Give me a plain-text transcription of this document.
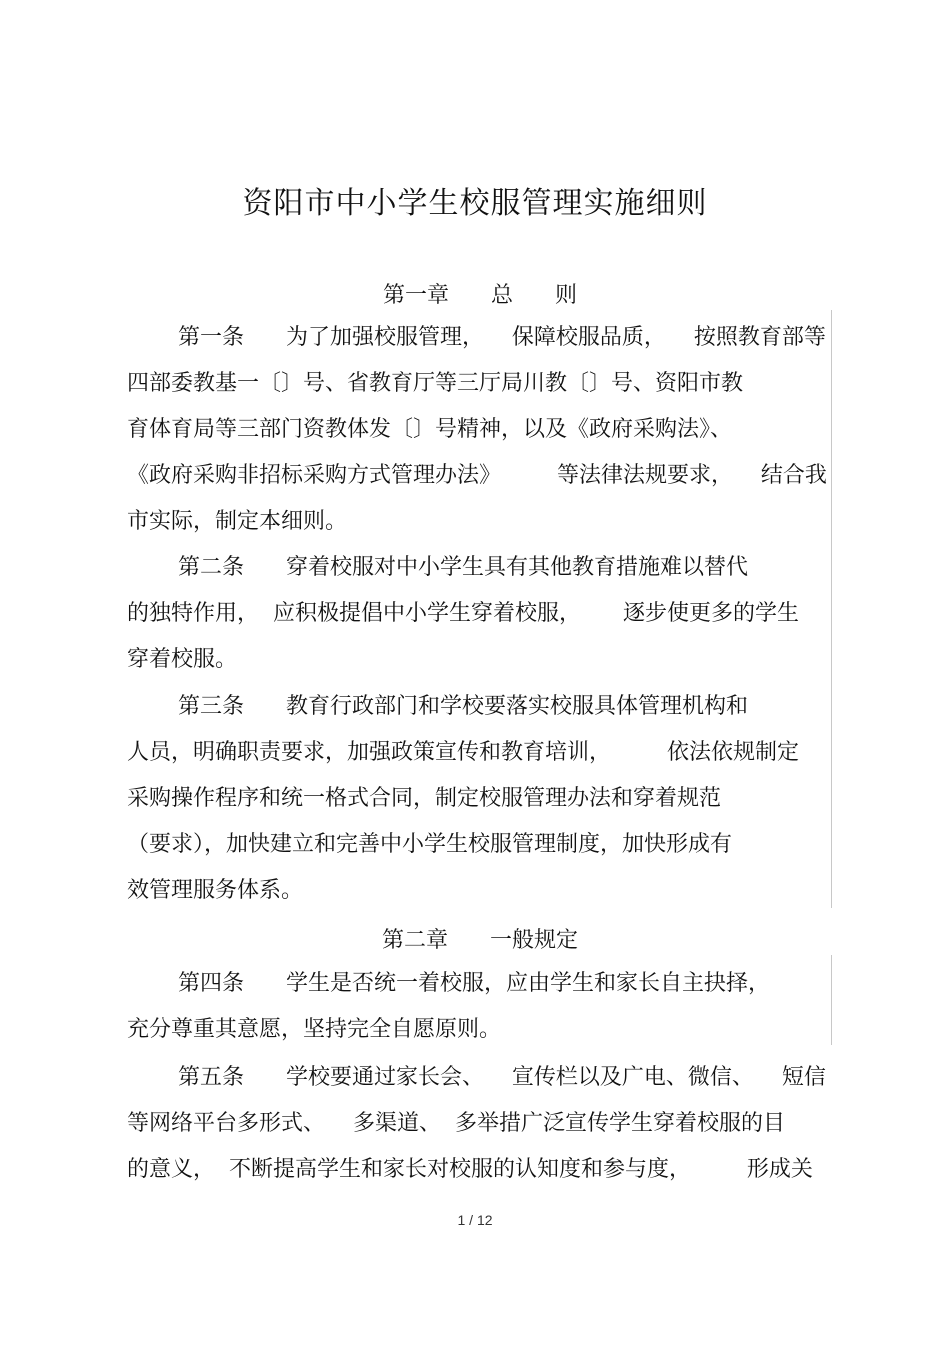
资阳市中小学生校服管理实施细则
第一章      总      则
第一条      为了加强校服管理，    保障校服品质，    按照教育部等
四部委教基一〔〕号、省教育厅等三厅局川教〔〕号、资阳市教
育体育局等三部门资教体发〔〕号精神，以及《政府采购法》、
《政府采购非招标采购方式管理办法》        等法律法规要求，    结合我
市实际，制定本细则。
第二条      穿着校服对中小学生具有其他教育措施难以替代
的独特作用，  应积极提倡中小学生穿着校服，      逐步使更多的学生
穿着校服。
第三条      教育行政部门和学校要落实校服具体管理机构和
人员，明确职责要求，加强政策宣传和教育培训，        依法依规制定
采购操作程序和统一格式合同，制定校服管理办法和穿着规范
（要求），加快建立和完善中小学生校服管理制度，加快形成有
效管理服务体系。
第二章      一般规定
第四条      学生是否统一着校服，应由学生和家长自主抉择，
充分尊重其意愿，坚持完全自愿原则。
第五条      学校要通过家长会、    宣传栏以及广电、微信、    短信
等网络平台多形式、    多渠道、  多举措广泛宣传学生穿着校服的目
的意义，  不断提高学生和家长对校服的认知度和参与度，        形成关
1 / 12
